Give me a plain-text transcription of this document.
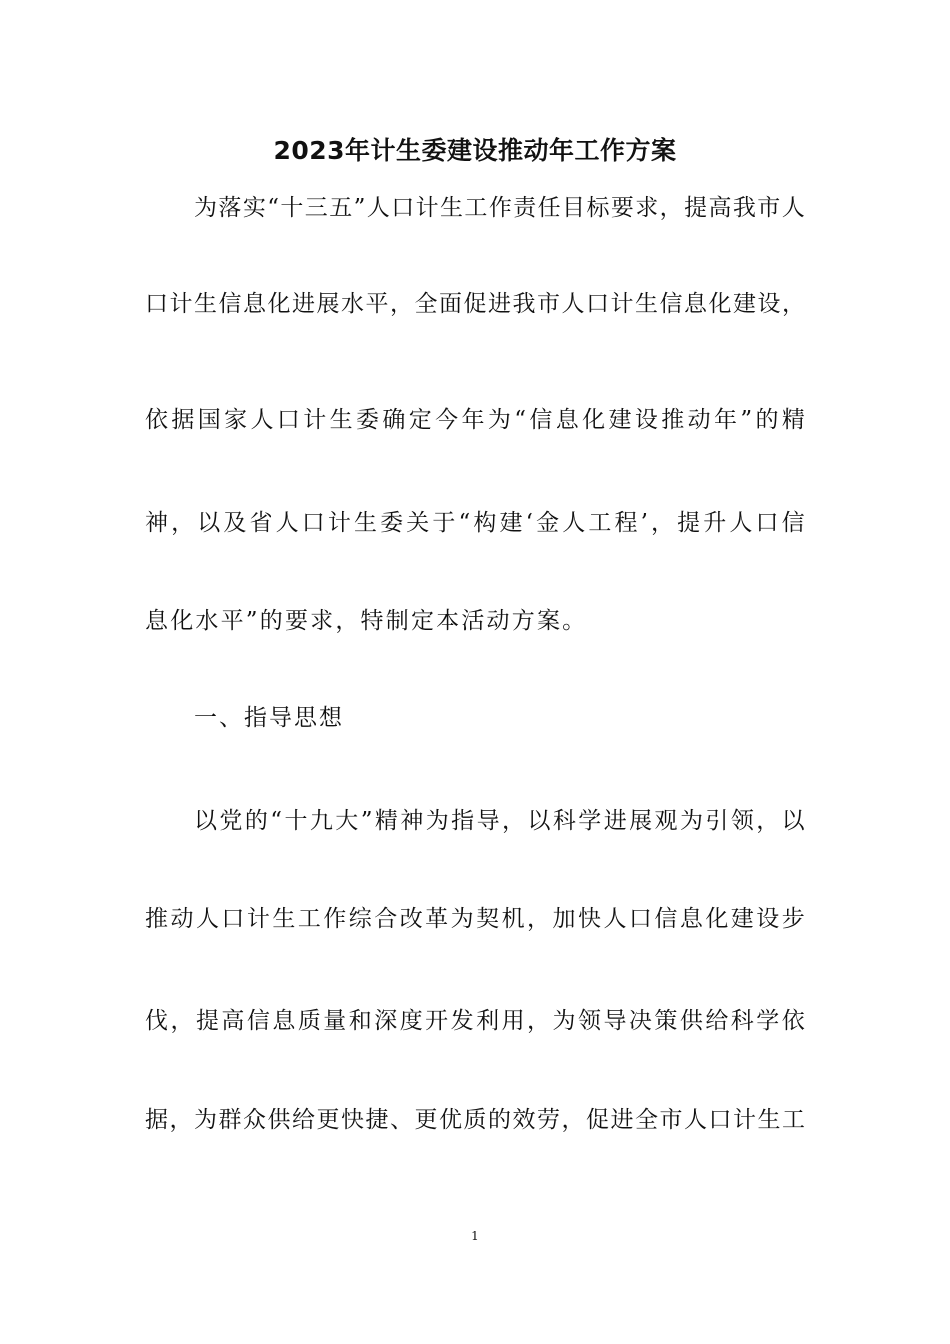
2023年计生委建设推动年工作方案
为 落 实 “ 十 三 五 ” 人 口 计 生 工 作 责 任 目 标 要 求 ， 提 高 我 市 人
口 计 生 信 息 化 进 展 水 平 ， 全 面 促 进 我 市 人 口 计 生 信 息 化 建 设 ，
依 据 国 家 人 口 计 生 委 确 定 今 年 为 “ 信 息 化 建 设 推 动 年 ” 的 精
神 ， 以 及 省 人 口 计 生 委 关 于 “ 构 建 ‘ 金 人 工 程 ’ ， 提 升 人 口 信
息化水平”的要求，特制定本活动方案。
一、指导思想
以 党 的 “ 十 九 大 ” 精 神 为 指 导 ， 以 科 学 进 展 观 为 引 领 ， 以
推 动 人 口 计 生 工 作 综 合 改 革 为 契 机 ， 加 快 人 口 信 息 化 建 设 步
伐 ， 提 高 信 息 质 量 和 深 度 开 发 利 用 ， 为 领 导 决 策 供 给 科 学 依
据 ， 为 群 众 供 给 更 快 捷 、 更 优 质 的 效 劳 ， 促 进 全 市 人 口 计 生 工
1
